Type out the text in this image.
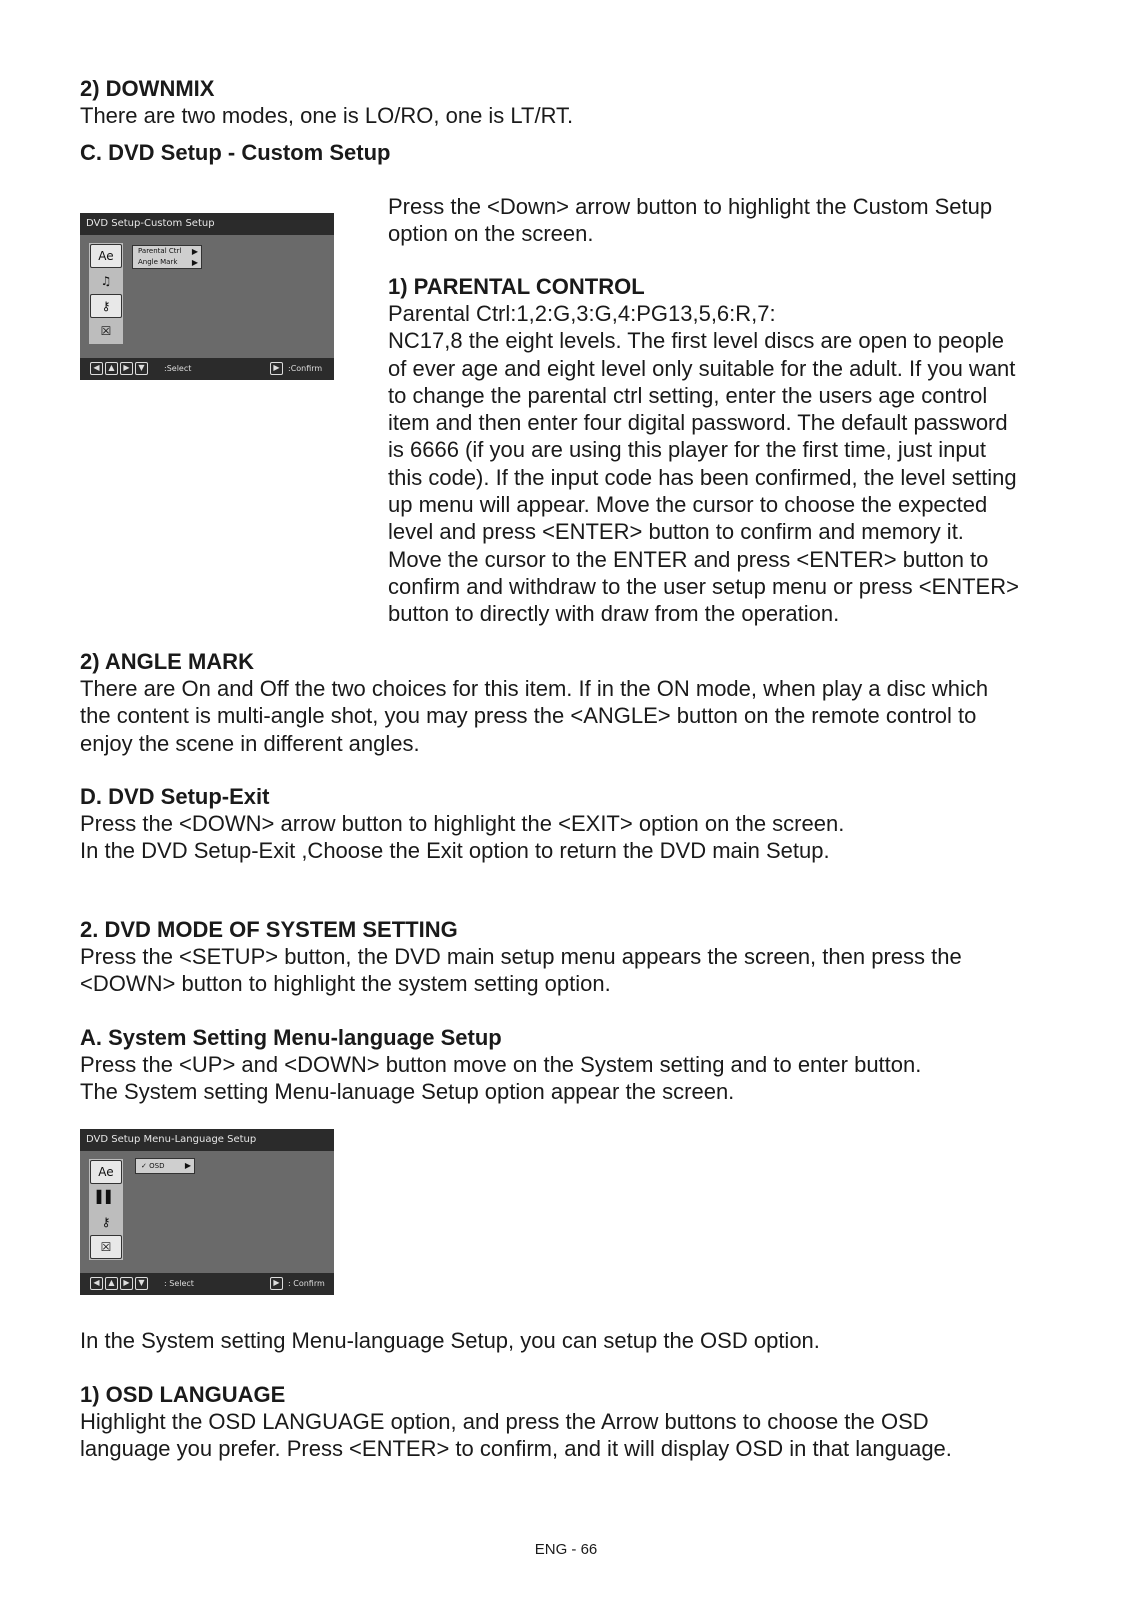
2) DOWNMIX

There are two modes, one is LO/RO, one is LT/RT.

C. DVD Setup - Custom Setup

DVD Setup-Custom Setup
Ae
♫
⚷
☒
Parental Ctrl ▶
Angle Mark ▶
◀	▲	▶	▼	:Select	▶	:Confirm
Press the <Down> arrow button to highlight the Custom Setup
option on the screen.

1) PARENTAL CONTROL

Parental Ctrl:1,2:G,3:G,4:PG13,5,6:R,7:
NC17,8 the eight levels. The first level discs are open to people
of ever age and eight level only suitable for the adult. If you want
to change the parental ctrl setting, enter the users age control
item and then enter four digital password. The default password
is 6666 (if you are using this player for the first time, just input
this code). If the input code has been confirmed, the level setting
up menu will appear. Move the cursor to choose the expected
level and press <ENTER> button to confirm and memory it.
Move the cursor to the ENTER and press <ENTER> button to
confirm and withdraw to the user setup menu or press <ENTER>
button to directly with draw from the operation.

2) ANGLE MARK

There are On and Off the two choices for this item. If in the ON mode, when play a disc which
the content is multi-angle shot, you may press the <ANGLE> button on the remote control to
enjoy the scene in different angles.

D. DVD Setup-Exit

Press the <DOWN> arrow button to highlight the <EXIT> option on the screen.
In the DVD Setup-Exit ,Choose the Exit option to return the DVD main Setup.

2. DVD MODE OF SYSTEM SETTING

Press the <SETUP> button, the DVD main setup menu appears the screen, then press the
<DOWN> button to highlight the system setting option.

A. System Setting Menu-language Setup

Press the <UP> and <DOWN> button move on the System setting and to enter button.
The System setting Menu-lanuage Setup option appear the screen.
DVD Setup Menu-Language Setup
Ae
▌▌
⚷
☒
✓ OSD	▶
◀	▲	▶	▼	: Select	▶	: Confirm
In the System setting Menu-language Setup, you can setup the OSD option.

1) OSD LANGUAGE

Highlight the OSD LANGUAGE option, and press the Arrow buttons to choose the OSD
language you prefer. Press <ENTER> to confirm, and it will display OSD in that language.
ENG - 66
